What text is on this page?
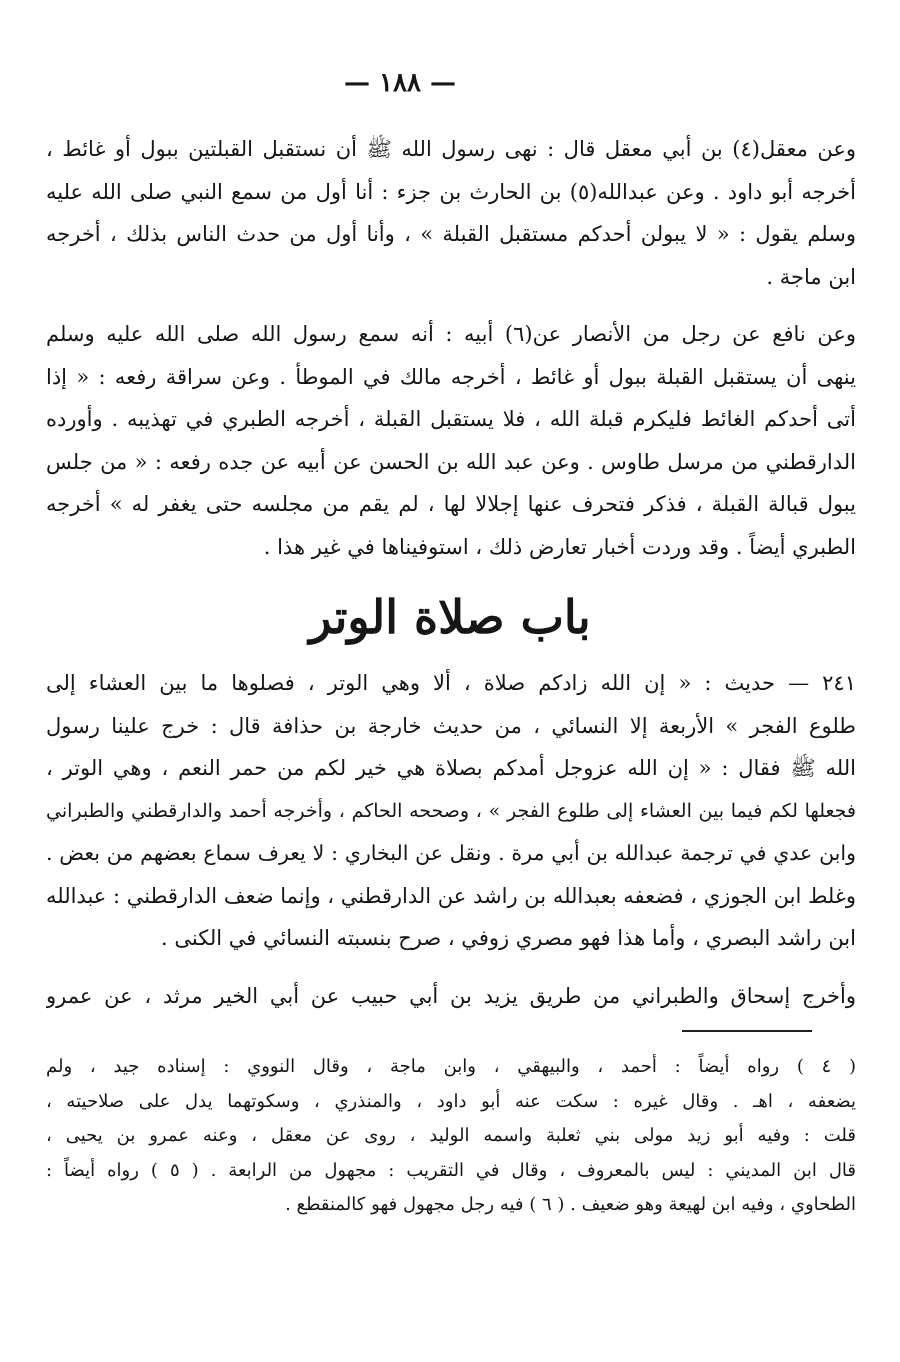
— ١٨٨ —
وعن معقل(٤) بن أبي معقل قال : نهى رسول الله ﷺ أن نستقبل القبلتين ببول أو غائط ،
أخرجه أبو داود . وعن عبدالله(٥) بن الحارث بن جزء : أنا أول من سمع النبي صلى الله عليه
وسلم يقول : « لا يبولن أحدكم مستقبل القبلة » ، وأنا أول من حدث الناس بذلك ، أخرجه
ابن ماجة .
وعن نافع عن رجل من الأنصار عن(٦) أبيه : أنه سمع رسول الله صلى الله عليه وسلم
ينهى أن يستقبل القبلة ببول أو غائط ، أخرجه مالك في الموطأ . وعن سراقة رفعه : « إذا
أتى أحدكم الغائط فليكرم قبلة الله ، فلا يستقبل القبلة ، أخرجه الطبري في تهذيبه . وأورده
الدارقطني من مرسل طاوس . وعن عبد الله بن الحسن عن أبيه عن جده رفعه : « من جلس
يبول قبالة القبلة ، فذكر فتحرف عنها إجلالا لها ، لم يقم من مجلسه حتى يغفر له » أخرجه
الطبري أيضاً . وقد وردت أخبار تعارض ذلك ، استوفيناها في غير هذا .
باب صلاة الوتر
٢٤١ — حديث : « إن الله زادكم صلاة ، ألا وهي الوتر ، فصلوها ما بين العشاء إلى
طلوع الفجر » الأربعة إلا النسائي ، من حديث خارجة بن حذافة قال : خرج علينا رسول
الله ﷺ فقال : « إن الله عزوجل أمدكم بصلاة هي خير لكم من حمر النعم ، وهي الوتر ،
فجعلها لكم فيما بين العشاء إلى طلوع الفجر » ، وصححه الحاكم ، وأخرجه أحمد والدارقطني والطبراني
وابن عدي في ترجمة عبدالله بن أبي مرة . ونقل عن البخاري : لا يعرف سماع بعضهم من بعض .
وغلط ابن الجوزي ، فضعفه بعبدالله بن راشد عن الدارقطني ، وإنما ضعف الدارقطني : عبدالله
ابن راشد البصري ، وأما هذا فهو مصري زوفي ، صرح بنسبته النسائي في الكنى .
وأخرج إسحاق والطبراني من طريق يزيد بن أبي حبيب عن أبي الخير مرثد ، عن عمرو
( ٤ ) رواه أيضاً : أحمد ، والبيهقي ، وابن ماجة ، وقال النووي : إسناده جيد ، ولم
يضعفه ، اهـ . وقال غيره : سكت عنه أبو داود ، والمنذري ، وسكوتهما يدل على صلاحيته ،
قلت : وفيه أبو زيد مولى بني ثعلبة واسمه الوليد ، روى عن معقل ، وعنه عمرو بن يحيى ،
قال ابن المديني : ليس بالمعروف ، وقال في التقريب : مجهول من الرابعة . ( ٥ ) رواه أيضاً :
الطحاوي ، وفيه ابن لهيعة وهو ضعيف . ( ٦ ) فيه رجل مجهول فهو كالمنقطع .
